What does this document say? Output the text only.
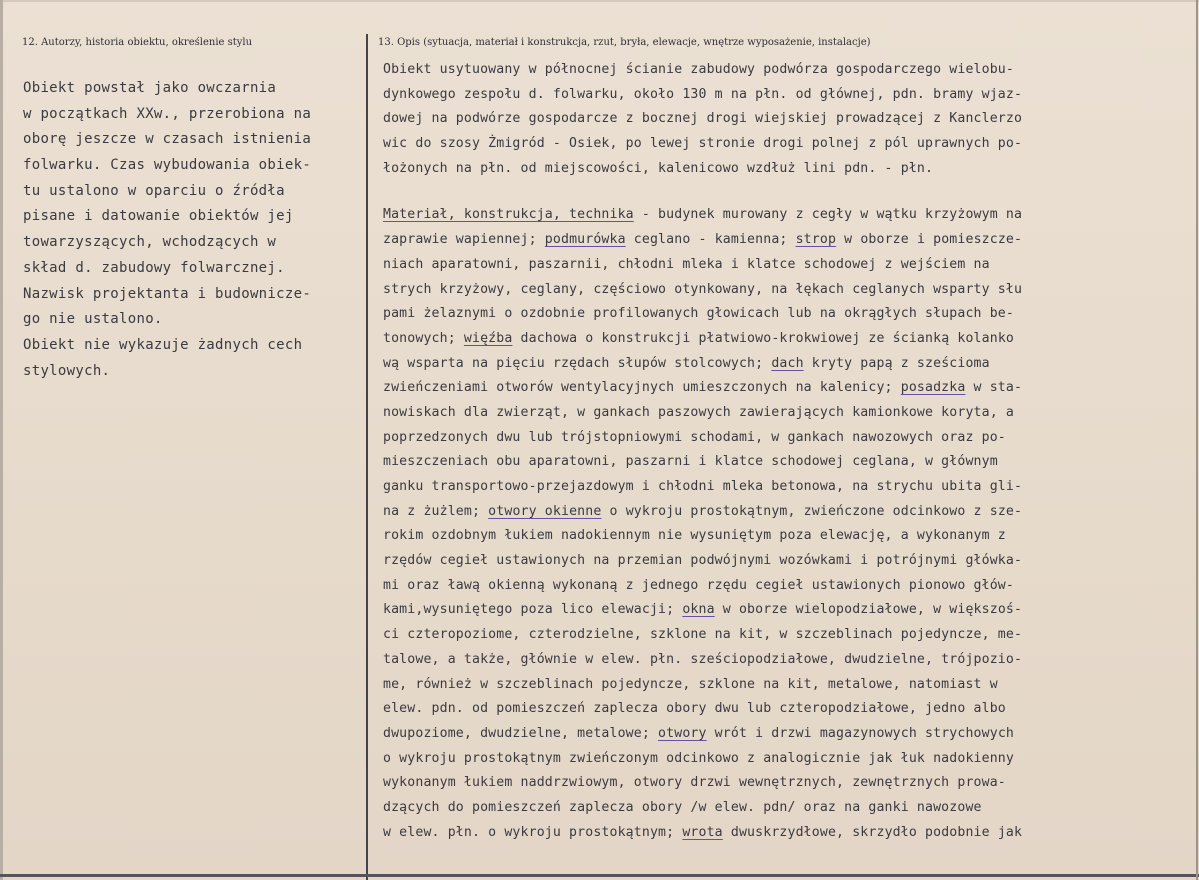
12. Autorzy, historia obiektu, określenie stylu	13. Opis (sytuacja, materiał i konstrukcja, rzut, bryła, elewacje, wnętrze wyposażenie, instalacje)
Obiekt powstał jako owczarnia
w początkach XXw., przerobiona na
oborę jeszcze w czasach istnienia
folwarku. Czas wybudowania obiek-
tu ustalono w oparciu o źródła
pisane i datowanie obiektów jej
towarzyszących, wchodzących w
skład d. zabudowy folwarcznej.
Nazwisk projektanta i budownicze-
go nie ustalono.
Obiekt nie wykazuje żadnych cech
stylowych.
Obiekt usytuowany w północnej ścianie zabudowy podwórza gospodarczego wielobu-
dynkowego zespołu d. folwarku, około 130 m na płn. od głównej, pdn. bramy wjaz-
dowej na podwórze gospodarcze z bocznej drogi wiejskiej prowadzącej z Kanclerzo
wic do szosy Żmigród - Osiek, po lewej stronie drogi polnej z pól uprawnych po-
łożonych na płn. od miejscowości, kalenicowo wzdłuż lini pdn. - płn.
Materiał, konstrukcja, technika - budynek murowany z cegły w wątku krzyżowym na
zaprawie wapiennej; podmurówka ceglano - kamienna; strop w oborze i pomieszcze-
niach aparatowni, paszarnii, chłodni mleka i klatce schodowej z wejściem na
strych krzyżowy, ceglany, częściowo otynkowany, na łękach ceglanych wsparty słu
pami żelaznymi o ozdobnie profilowanych głowicach lub na okrągłych słupach be-
tonowych; więźba dachowa o konstrukcji płatwiowo-krokwiowej ze ścianką kolanko
wą wsparta na pięciu rzędach słupów stolcowych; dach kryty papą z sześcioma
zwieńczeniami otworów wentylacyjnych umieszczonych na kalenicy; posadzka w sta-
nowiskach dla zwierząt, w gankach paszowych zawierających kamionkowe koryta, a
poprzedzonych dwu lub trójstopniowymi schodami, w gankach nawozowych oraz po-
mieszczeniach obu aparatowni, paszarni i klatce schodowej ceglana, w głównym
ganku transportowo-przejazdowym i chłodni mleka betonowa, na strychu ubita gli-
na z żużlem; otwory okienne o wykroju prostokątnym, zwieńczone odcinkowo z sze-
rokim ozdobnym łukiem nadokiennym nie wysuniętym poza elewację, a wykonanym z
rzędów cegieł ustawionych na przemian podwójnymi wozówkami i potrójnymi główka-
mi oraz ławą okienną wykonaną z jednego rzędu cegieł ustawionych pionowo głów-
kami,wysuniętego poza lico elewacji; okna w oborze wielopodziałowe, w większoś-
ci czteropoziome, czterodzielne, szklone na kit, w szczeblinach pojedyncze, me-
talowe, a także, głównie w elew. płn. sześciopodziałowe, dwudzielne, trójpozio-
me, również w szczeblinach pojedyncze, szklone na kit, metalowe, natomiast w
elew. pdn. od pomieszczeń zaplecza obory dwu lub czteropodziałowe, jedno albo
dwupoziome, dwudzielne, metalowe; otwory wrót i drzwi magazynowych strychowych
o wykroju prostokątnym zwieńczonym odcinkowo z analogicznie jak łuk nadokienny
wykonanym łukiem naddrzwiowym, otwory drzwi wewnętrznych, zewnętrznych prowa-
dzących do pomieszczeń zaplecza obory /w elew. pdn/ oraz na ganki nawozowe
w elew. płn. o wykroju prostokątnym; wrota dwuskrzydłowe, skrzydło podobnie jak
